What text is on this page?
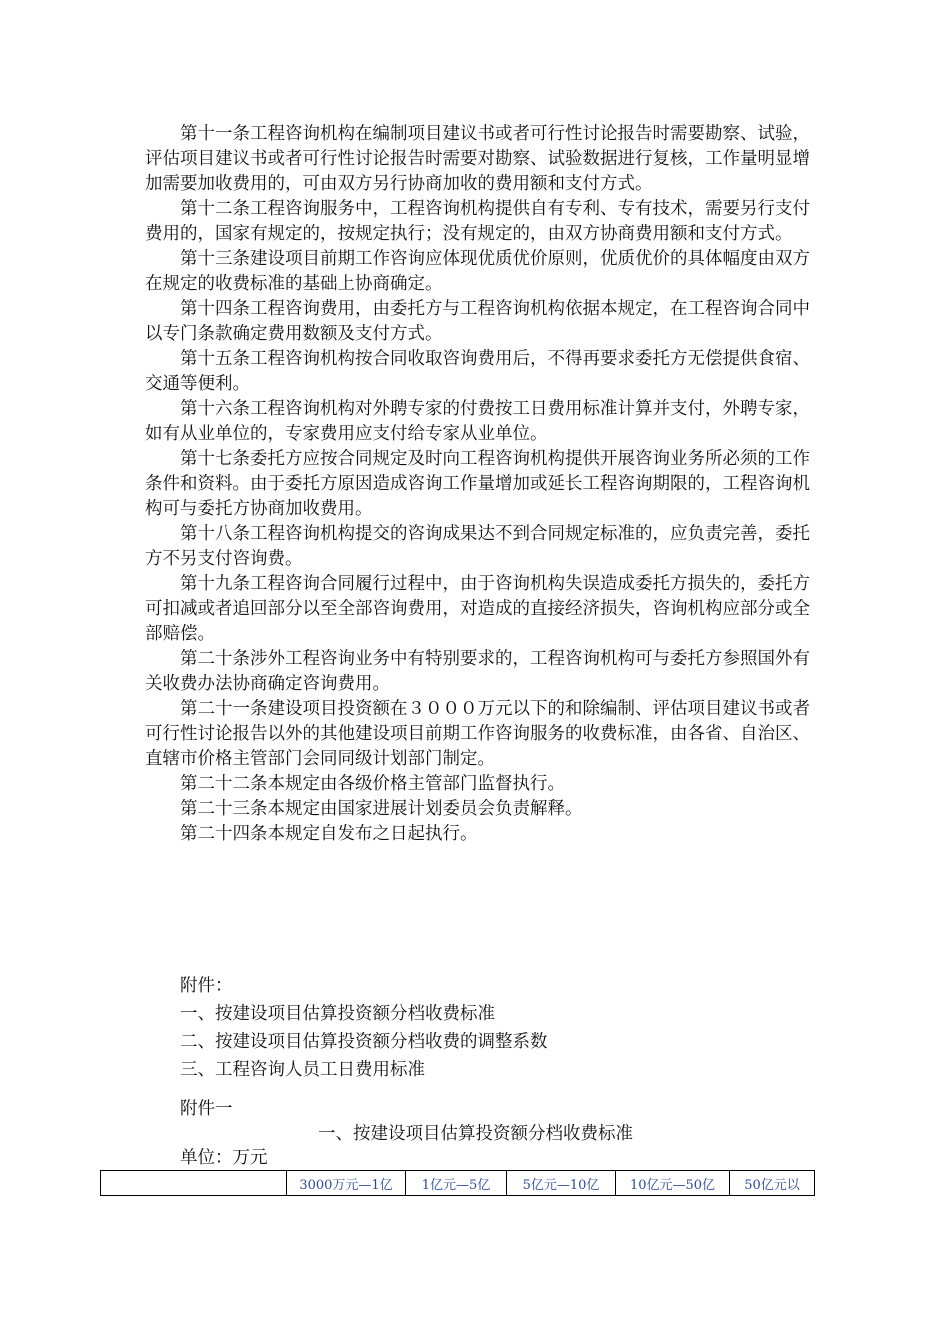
第十一条工程咨询机构在编制项目建议书或者可行性讨论报告时需要勘察、试验，评估项目建议书或者可行性讨论报告时需要对勘察、试验数据进行复核，工作量明显增加需要加收费用的，可由双方另行协商加收的费用额和支付方式。

第十二条工程咨询服务中，工程咨询机构提供自有专利、专有技术，需要另行支付费用的，国家有规定的，按规定执行；没有规定的，由双方协商费用额和支付方式。

第十三条建设项目前期工作咨询应体现优质优价原则，优质优价的具体幅度由双方在规定的收费标准的基础上协商确定。

第十四条工程咨询费用，由委托方与工程咨询机构依据本规定，在工程咨询合同中以专门条款确定费用数额及支付方式。

第十五条工程咨询机构按合同收取咨询费用后，不得再要求委托方无偿提供食宿、交通等便利。

第十六条工程咨询机构对外聘专家的付费按工日费用标准计算并支付，外聘专家，如有从业单位的，专家费用应支付给专家从业单位。

第十七条委托方应按合同规定及时向工程咨询机构提供开展咨询业务所必须的工作条件和资料。由于委托方原因造成咨询工作量增加或延长工程咨询期限的，工程咨询机构可与委托方协商加收费用。

第十八条工程咨询机构提交的咨询成果达不到合同规定标准的，应负责完善，委托方不另支付咨询费。

第十九条工程咨询合同履行过程中，由于咨询机构失误造成委托方损失的，委托方可扣减或者追回部分以至全部咨询费用，对造成的直接经济损失，咨询机构应部分或全部赔偿。

第二十条涉外工程咨询业务中有特别要求的，工程咨询机构可与委托方参照国外有关收费办法协商确定咨询费用。

第二十一条建设项目投资额在３０００万元以下的和除编制、评估项目建议书或者可行性讨论报告以外的其他建设项目前期工作咨询服务的收费标准，由各省、自治区、直辖市价格主管部门会同同级计划部门制定。

第二十二条本规定由各级价格主管部门监督执行。

第二十三条本规定由国家进展计划委员会负责解释。

第二十四条本规定自发布之日起执行。

附件：
一、按建设项目估算投资额分档收费标准
二、按建设项目估算投资额分档收费的调整系数
三、工程咨询人员工日费用标准
附件一
一、按建设项目估算投资额分档收费标准
单位：万元
	3000万元—1亿	1亿元—5亿	5亿元—10亿	10亿元—50亿	50亿元以
